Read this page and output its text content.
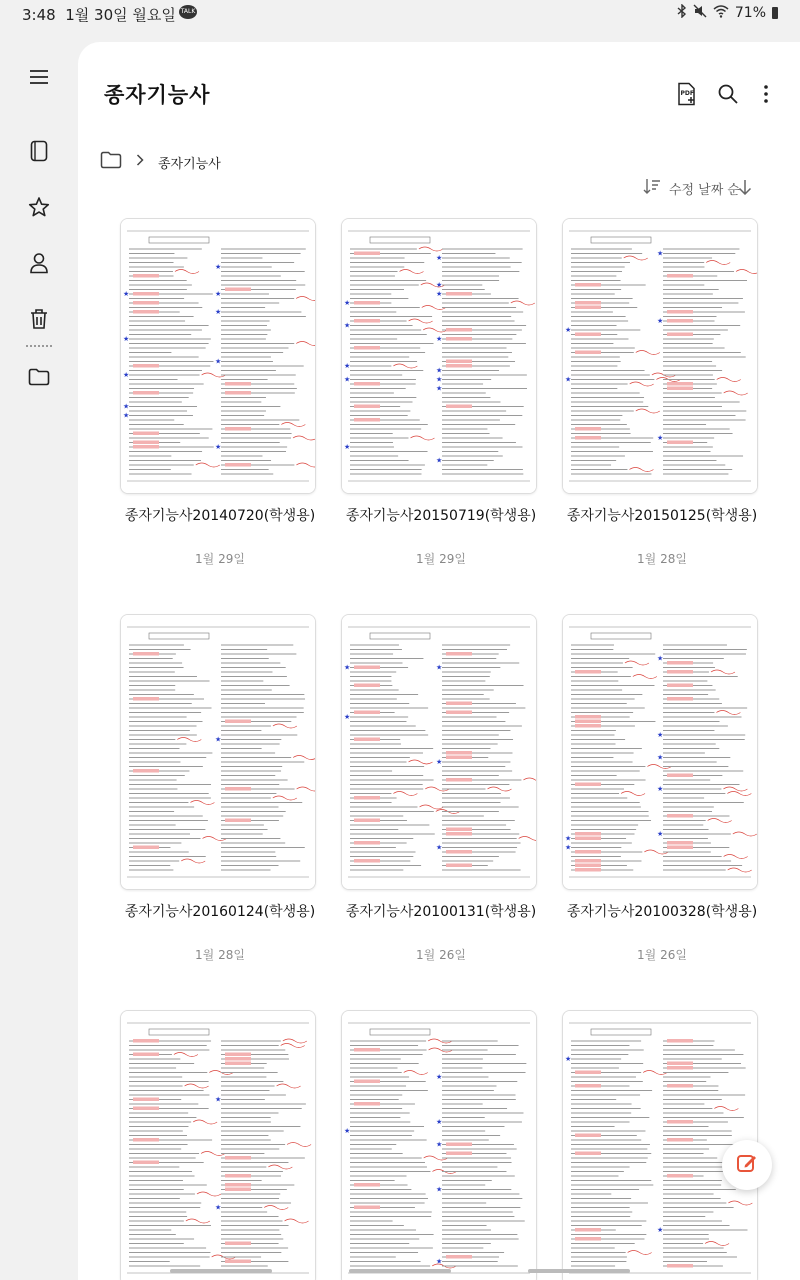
3:48 1월 30일 월요일 TALK	71%
종자기능사	PDF
종자기능사
수정 날짜 순
★
★
★
★
★
★
★
★
★
★
종자기능사20140720(학생용)
1월 29일
★
★
★
★
★
★
★
★
★
★
★
★
★
종자기능사20150719(학생용)
1월 29일
★
★
★
★
★
종자기능사20150125(학생용)
1월 28일
★
종자기능사20160124(학생용)
1월 28일
★
★
★
★
★
종자기능사20100131(학생용)
1월 26일
★
★
★
★
★
★
★
종자기능사20100328(학생용)
1월 26일
★
★
★
★
★
★
★
★
★
★
